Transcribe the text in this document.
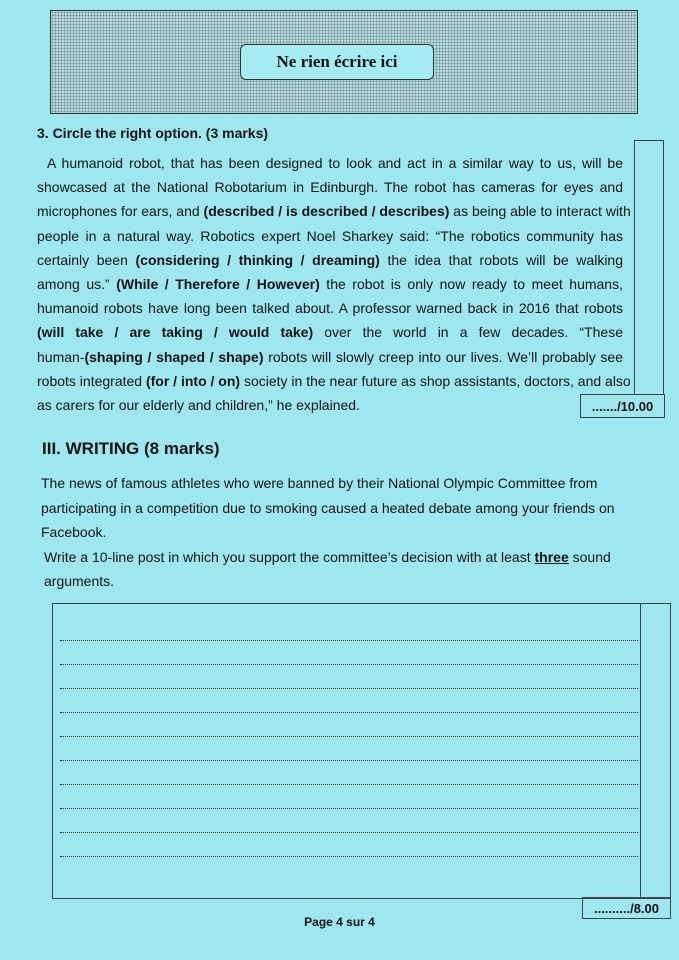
Ne rien écrire ici
3. Circle the right option. (3 marks)
A humanoid robot, that has been designed to look and act in a similar way to us, will be
showcased at the National Robotarium in Edinburgh. The robot has cameras for eyes and
microphones for ears, and (described / is described / describes) as being able to interact with
people in a natural way. Robotics expert Noel Sharkey said: “The robotics community has
certainly been (considering / thinking / dreaming) the idea that robots will be walking
among us.” (While / Therefore / However) the robot is only now ready to meet humans,
humanoid robots have long been talked about. A professor warned back in 2016 that robots
(will take / are taking / would take) over the world in a few decades. “These
human-(shaping / shaped / shape) robots will slowly creep into our lives. We’ll probably see
robots integrated (for / into / on) society in the near future as shop assistants, doctors, and also
as carers for our elderly and children,” he explained.	......./10.00
III. WRITING (8 marks)

The news of famous athletes who were banned by their National Olympic Committee from participating in a competition due to smoking caused a heated debate among your friends on Facebook.

Write a 10-line post in which you support the committee’s decision with at least three sound arguments.

........../8.00
Page 4 sur 4
